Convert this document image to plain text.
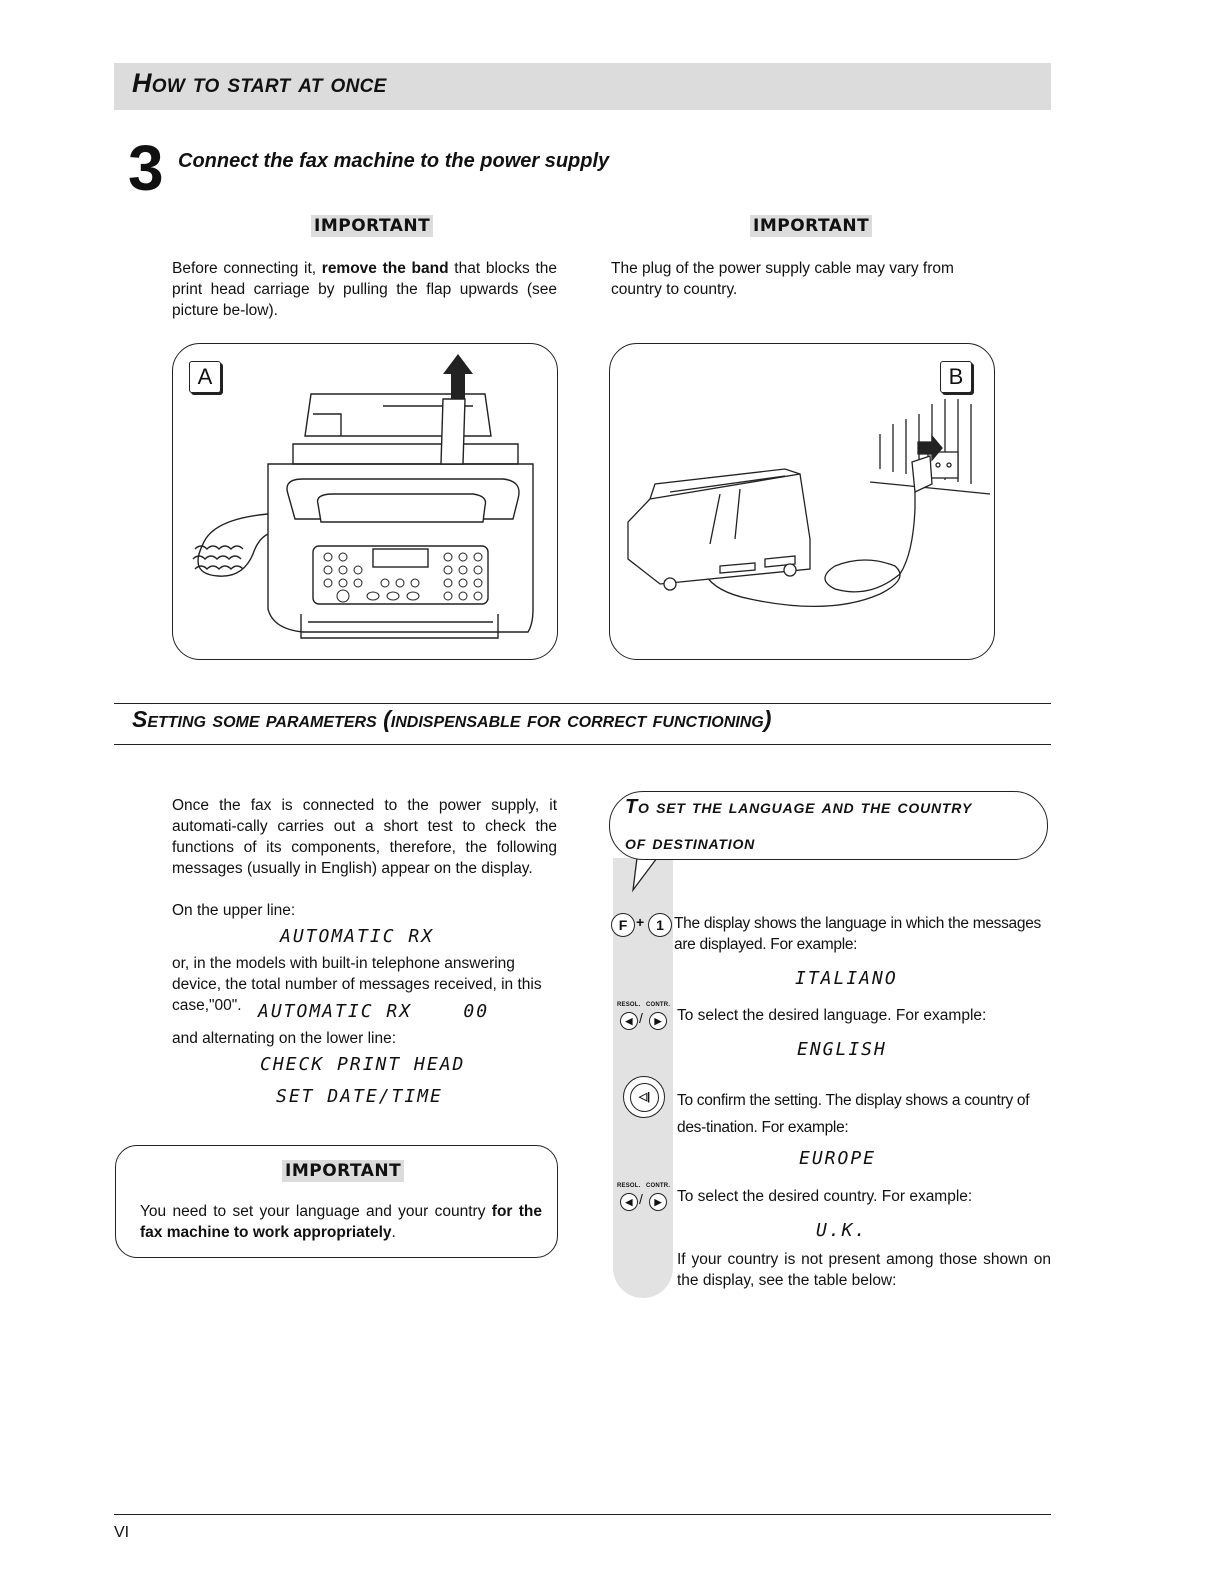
How to start at once
3 Connect the fax machine to the power supply
IMPORTANT
Before connecting it, remove the band that blocks the print head carriage by pulling the flap upwards (see picture be-low).
IMPORTANT
The plug of the power supply cable may vary from country to country.
A	B
Setting some parameters (indispensable for correct functioning)
Once the fax is connected to the power supply, it automati-cally carries out a short test to check the functions of its components, therefore, the following messages (usually in English) appear on the display.
On the upper line:
AUTOMATIC RX
or, in the models with built-in telephone answering device, the total number of messages received, in this case,"00". AUTOMATIC RX    00
and alternating on the lower line:
CHECK PRINT HEAD
SET DATE/TIME
IMPORTANT
You need to set your language and your country for the fax machine to work appropriately.
To set the language and the country
of destination
F + 1 The display shows the language in which the messages are displayed. For example:
ITALIANO
RESOL. CONTR.
◀ /	▶	To select the desired language. For example:
ENGLISH
◁|	To confirm the setting. The display shows a country of des-tination. For example:
EUROPE
RESOL. CONTR.
◀ /	▶	To select the desired country. For example:
U.K.
If your country is not present among those shown on the display, see the table below:
VI
